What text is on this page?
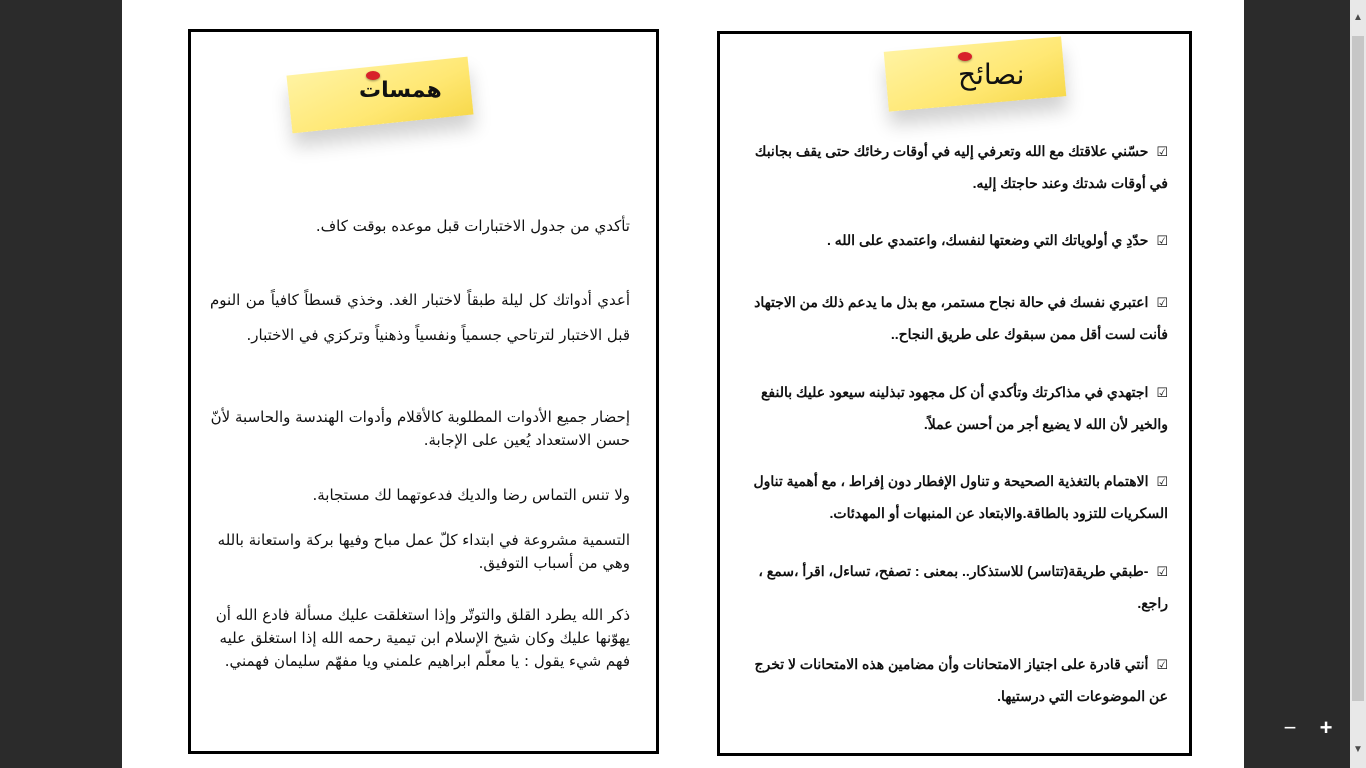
همسات
تأكدي من جدول الاختبارات قبل موعده بوقت كاف.
أعدي أدواتك كل ليلة طبقاً لاختبار الغد. وخذي قسطاً كافياً من النوم قبل الاختبار لترتاحي جسمياً ونفسياً وذهنياً وتركزي في الاختبار.
إحضار جميع الأدوات المطلوبة كالأقلام وأدوات الهندسة والحاسبة لأنّ حسن الاستعداد يُعين على الإجابة.
ولا تنس التماس رضا والديك فدعوتهما لك مستجابة.
التسمية مشروعة في ابتداء كلّ عمل مباح وفيها بركة واستعانة بالله وهي من أسباب التوفيق.
ذكر الله يطرد القلق والتوتّر وإذا استغلقت عليك مسألة فادع الله أن يهوّنها عليك وكان شيخ الإسلام ابن تيمية رحمه الله إذا استغلق عليه فهم شيء يقول : يا معلّم ابراهيم علمني ويا مفهّم سليمان فهمني.
نصائح
☑ حسّني علاقتك مع الله وتعرفي إليه في أوقات رخائك حتى يقف بجانبك في أوقات شدتك وعند حاجتك إليه.
☑ حدّدِ ي أولوياتك التي وضعتها لنفسك، واعتمدي على الله .
☑ اعتبري نفسك في حالة نجاح مستمر، مع بذل ما يدعم ذلك من الاجتهاد فأنت لست أقل ممن سبقوك على طريق النجاح..
☑ اجتهدي في مذاكرتك وتأكدي أن كل مجهود تبذلينه سيعود عليك بالنفع والخير لأن الله لا يضيع أجر من أحسن عملاً.
☑ الاهتمام بالتغذية الصحيحة و تناول الإفطار دون إفراط ، مع أهمية تناول السكريات للتزود بالطاقة.والابتعاد عن المنبهات أو المهدئات.
☑ -طبقي طريقة(تتاسر) للاستذكار.. بمعنى : تصفح، تساءل، اقرأ ،سمع ، راجع.
☑ أنتي قادرة على اجتياز الامتحانات وأن مضامين هذه الامتحانات لا تخرج عن الموضوعات التي درستيها.
− +
▲
▼
